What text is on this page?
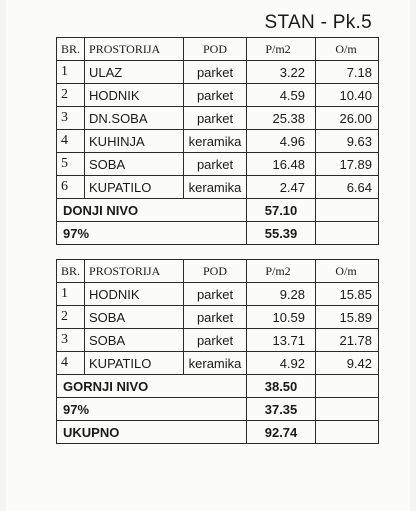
STAN - Pk.5
BR.	PROSTORIJA	POD	P/m2	O/m
1	ULAZ	parket	3.22	7.18
2	HODNIK	parket	4.59	10.40
3	DN.SOBA	parket	25.38	26.00
4	KUHINJA	keramika	4.96	9.63
5	SOBA	parket	16.48	17.89
6	KUPATILO	keramika	2.47	6.64
DONJI NIVO			57.10	
97%			55.39	
BR.	PROSTORIJA	POD	P/m2	O/m
1	HODNIK	parket	9.28	15.85
2	SOBA	parket	10.59	15.89
3	SOBA	parket	13.71	21.78
4	KUPATILO	keramika	4.92	9.42
GORNJI NIVO			38.50	
97%			37.35	
UKUPNO			92.74	
